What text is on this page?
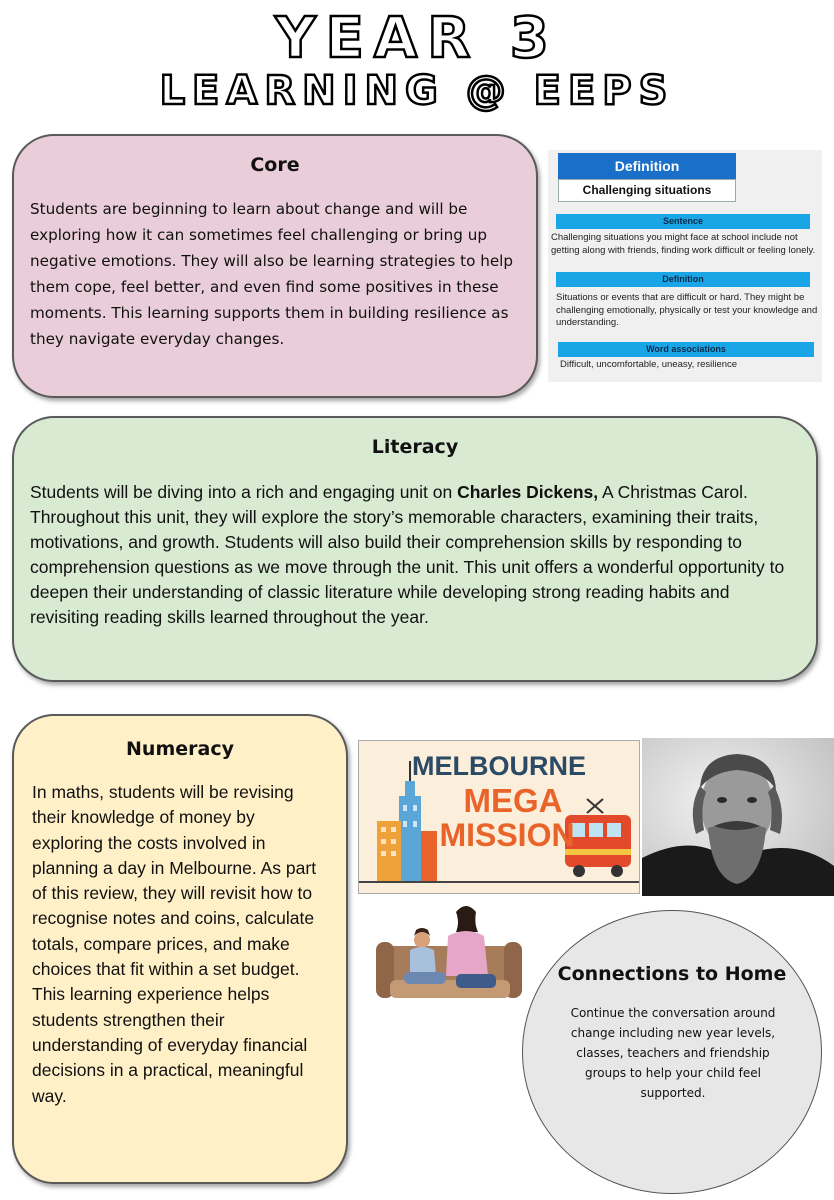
YEAR 3
LEARNING @ EEPS
Core

Students are beginning to learn about change and will be exploring how it can sometimes feel challenging or bring up negative emotions. They will also be learning strategies to help them cope, feel better, and even find some positives in these moments. This learning supports them in building resilience as they navigate everyday changes.

Definition
Challenging situations
Sentence
Challenging situations you might face at school include not getting along with friends, finding work difficult or feeling lonely.
Definition
Situations or events that are difficult or hard. They might be challenging emotionally, physically or test your knowledge and understanding.
Word associations
Difficult, uncomfortable, uneasy, resilience
Literacy

Students will be diving into a rich and engaging unit on Charles Dickens, A Christmas Carol. Throughout this unit, they will explore the story’s memorable characters, examining their traits, motivations, and growth. Students will also build their comprehension skills by responding to comprehension questions as we move through the unit. This unit offers a wonderful opportunity to deepen their understanding of classic literature while developing strong reading habits and revisiting reading skills learned throughout the year.

Numeracy

In maths, students will be revising their knowledge of money by exploring the costs involved in planning a day in Melbourne. As part of this review, they will revisit how to recognise notes and coins, calculate totals, compare prices, and make choices that fit within a set budget. This learning experience helps students strengthen their understanding of everyday financial decisions in a practical, meaningful way.

MELBOURNE
MEGA
MISSION
Connections to Home

Continue the conversation around change including new year levels, classes, teachers and friendship groups to help your child feel supported.
